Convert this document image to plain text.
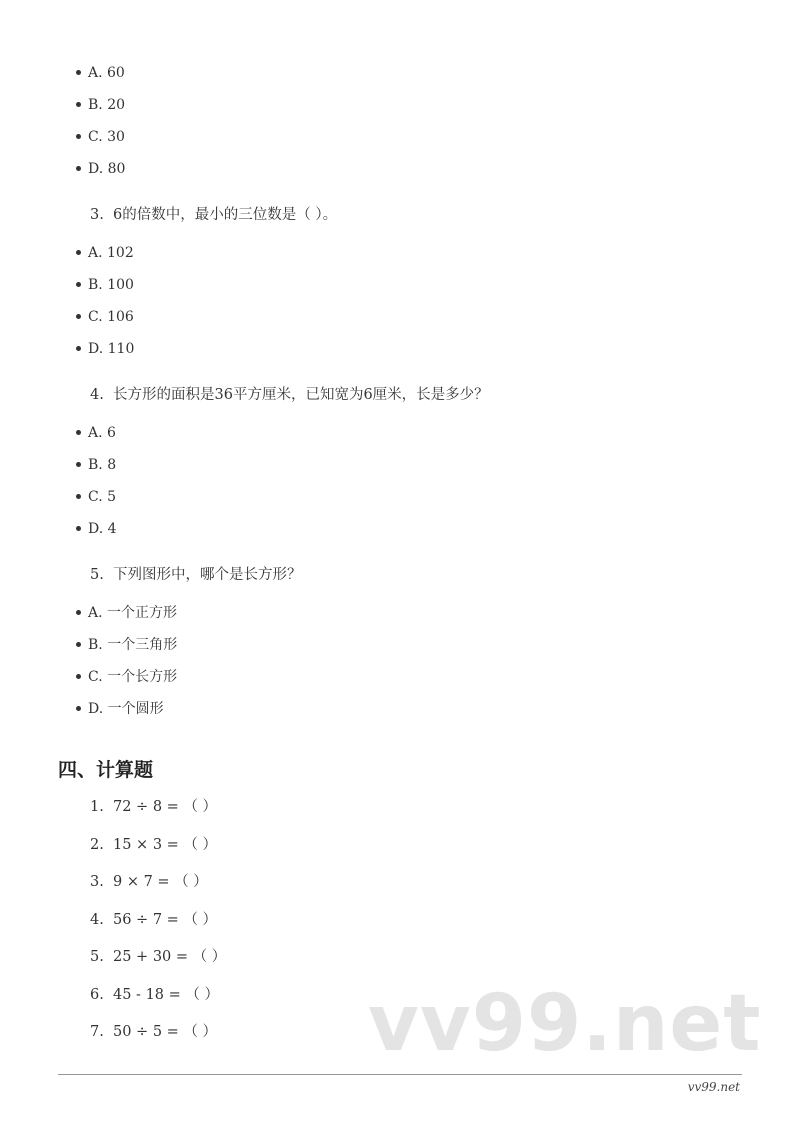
A. 60
B. 20
C. 30
D. 80
3. 6的倍数中，最小的三位数是（ ）。
A. 102
B. 100
C. 106
D. 110
4. 长方形的面积是36平方厘米，已知宽为6厘米，长是多少？
A. 6
B. 8
C. 5
D. 4
5. 下列图形中，哪个是长方形？
A. 一个正方形
B. 一个三角形
C. 一个长方形
D. 一个圆形
四、计算题
1. 72 ÷ 8 = （ ）
2. 15 × 3 = （ ）
3. 9 × 7 = （ ）
4. 56 ÷ 7 = （ ）
5. 25 + 30 = （ ）
6. 45 - 18 = （ ）
7. 50 ÷ 5 = （ ） vv99.net
vv99.net
